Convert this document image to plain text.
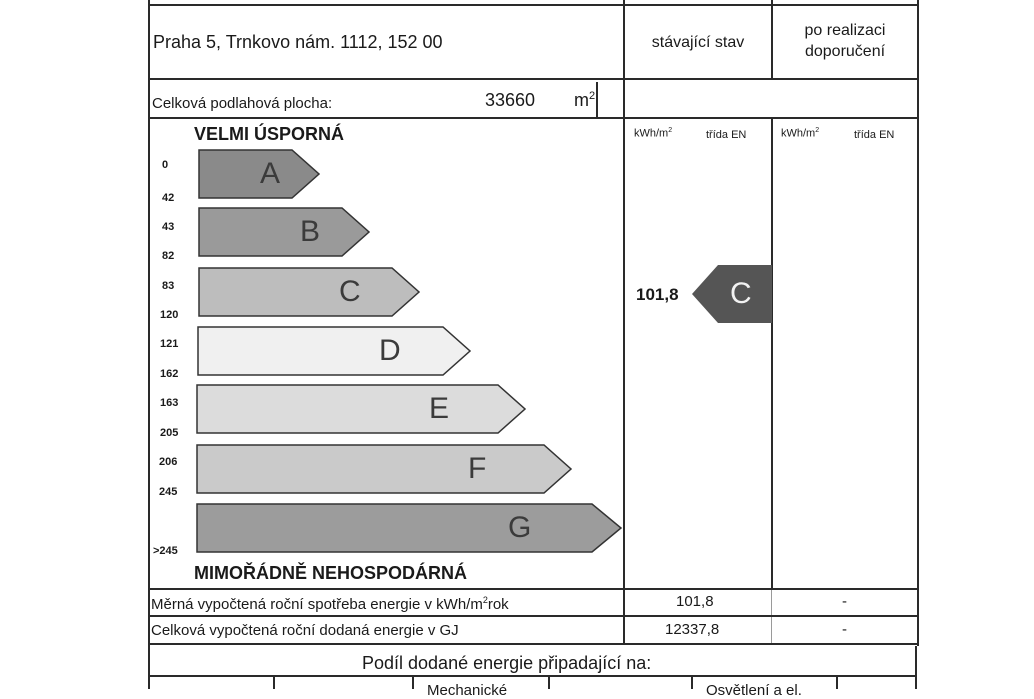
Praha 5, Trnkovo nám. 1112, 152 00	stávající stav
po realizaci
doporučení
Celková podlahová plocha:	33660 $m^2$
kWh/$m^2$	třída EN	kWh/$m^2$	třída EN
VELMI ÚSPORNÁ
MIMOŘÁDNĚ NEHOSPODÁRNÁ
A
B
C
D
E
F
G
0
42
43
82
83
120
121
162
163
205
206
245
>245
101,8 C
Měrná vypočtená roční spotřeba energie v kWh/$m^2rok$	101,8	-
Celková vypočtená roční dodaná energie v GJ	12337,8	-
Podíl dodané energie připadající na:
Mechanické	Osvětlení a el.
